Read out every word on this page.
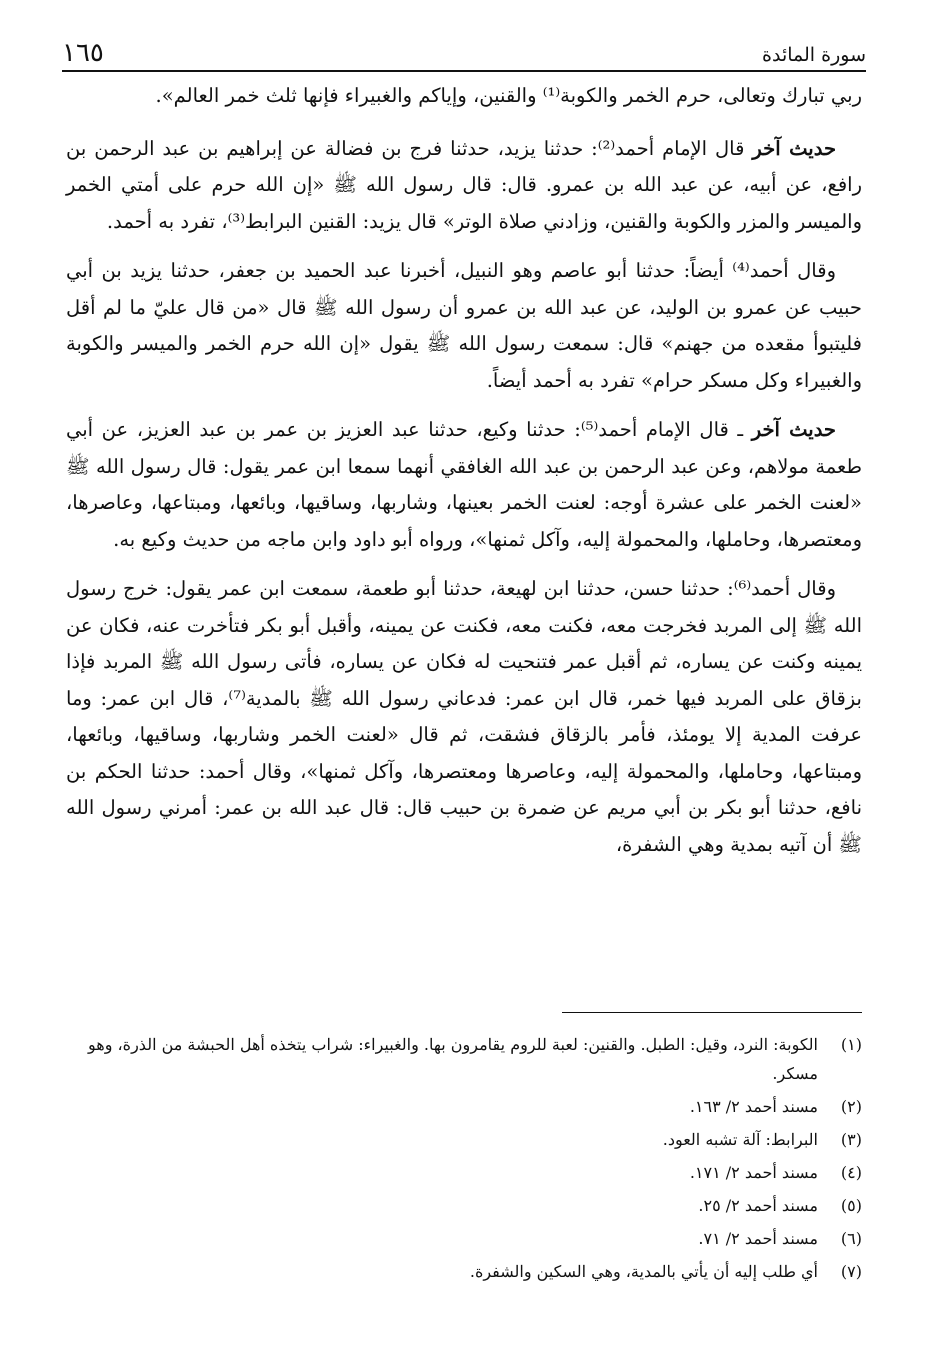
سورة المائدة
١٦٥

ربي تبارك وتعالى، حرم الخمر والكوبة⁽¹⁾ والقنين، وإياكم والغبيراء فإنها ثلث خمر العالم».

حديث آخر قال الإمام أحمد⁽²⁾: حدثنا يزيد، حدثنا فرج بن فضالة عن إبراهيم بن عبد الرحمن بن رافع، عن أبيه، عن عبد الله بن عمرو. قال: قال رسول الله ﷺ «إن الله حرم على أمتي الخمر والميسر والمزر والكوبة والقنين، وزادني صلاة الوتر» قال يزيد: القنين البرابط⁽³⁾، تفرد به أحمد.

وقال أحمد⁽⁴⁾ أيضاً: حدثنا أبو عاصم وهو النبيل، أخبرنا عبد الحميد بن جعفر، حدثنا يزيد بن أبي حبيب عن عمرو بن الوليد، عن عبد الله بن عمرو أن رسول الله ﷺ قال «من قال عليّ ما لم أقل فليتبوأ مقعده من جهنم» قال: سمعت رسول الله ﷺ يقول «إن الله حرم الخمر والميسر والكوبة والغبيراء وكل مسكر حرام» تفرد به أحمد أيضاً.

حديث آخر ـ قال الإمام أحمد⁽⁵⁾: حدثنا وكيع، حدثنا عبد العزيز بن عمر بن عبد العزيز، عن أبي طعمة مولاهم، وعن عبد الرحمن بن عبد الله الغافقي أنهما سمعا ابن عمر يقول: قال رسول الله ﷺ «لعنت الخمر على عشرة أوجه: لعنت الخمر بعينها، وشاربها، وساقيها، وبائعها، ومبتاعها، وعاصرها، ومعتصرها، وحاملها، والمحمولة إليه، وآكل ثمنها»، ورواه أبو داود وابن ماجه من حديث وكيع به.

وقال أحمد⁽⁶⁾: حدثنا حسن، حدثنا ابن لهيعة، حدثنا أبو طعمة، سمعت ابن عمر يقول: خرج رسول الله ﷺ إلى المربد فخرجت معه، فكنت معه، فكنت عن يمينه، وأقبل أبو بكر فتأخرت عنه، فكان عن يمينه وكنت عن يساره، ثم أقبل عمر فتنحيت له فكان عن يساره، فأتى رسول الله ﷺ المربد فإذا بزقاق على المربد فيها خمر، قال ابن عمر: فدعاني رسول الله ﷺ بالمدية⁽⁷⁾، قال ابن عمر: وما عرفت المدية إلا يومئذ، فأمر بالزقاق فشقت، ثم قال «لعنت الخمر وشاربها، وساقيها، وبائعها، ومبتاعها، وحاملها، والمحمولة إليه، وعاصرها ومعتصرها، وآكل ثمنها»، وقال أحمد: حدثنا الحكم بن نافع، حدثنا أبو بكر بن أبي مريم عن ضمرة بن حبيب قال: قال عبد الله بن عمر: أمرني رسول الله ﷺ أن آتيه بمدية وهي الشفرة،

(١)
الكوبة: النرد، وقيل: الطبل. والقنين: لعبة للروم يقامرون بها. والغبيراء: شراب يتخذه أهل الحبشة من الذرة، وهو مسكر.
(٢)
مسند أحمد ٢/ ١٦٣.
(٣)
البرابط: آلة تشبه العود.
(٤)
مسند أحمد ٢/ ١٧١.
(٥)
مسند أحمد ٢/ ٢٥.
(٦)
مسند أحمد ٢/ ٧١.
(٧)
أي طلب إليه أن يأتي بالمدية، وهي السكين والشفرة.
